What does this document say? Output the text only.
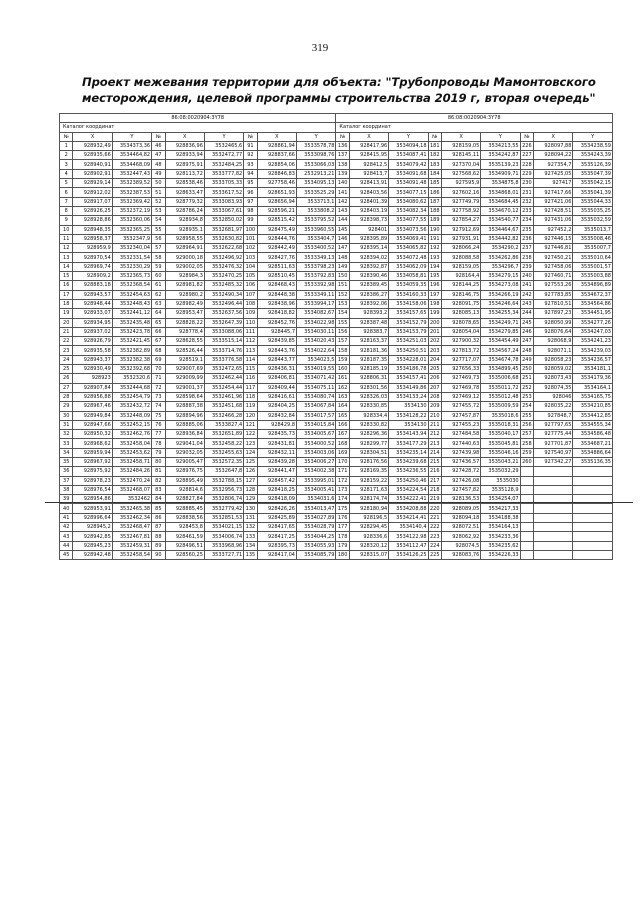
319
Проект межевания территории для объекта: "Трубопроводы Мамонтовского
месторождения, целевой программы строительства 2019 г, вторая очередь"
86:08:0020904:3Y78									86:08:0020904:3Y78								
Каталог координат									Каталог координат								
№	X	Y	№	X	Y	№	X	Y	№	X	Y	№	X	Y	№	X	Y
1	928932,49	3534373,36	46	928836,96	3532465,6	91	928861,94	3533578,78	136	928417,96	3534094,18	181	928159,05	3534213,55	226	928097,88	3534238,59
2	928935,66	3534464,82	47	928933,94	3532472,77	92	928837,66	3533098,76	137	928415,95	3534087,41	182	928145,11	3534242,87	227	928094,22	3534243,39
3	928940,91	3534468,09	48	928975,91	3532484,25	93	928854,06	3533066,03	138	928412,5	3534079,42	183	927370,04	3535139,23	228	927354,7	3535126,39
4	928902,91	3532447,43	49	928113,72	3533777,82	94	928846,83	2532913,21	139	928413,7	3534091,68	184	927568,62	3534909,71	229	927425,05	3535047,39
5	928929,14	3532389,52	50	928538,46	3533705,33	95	927758,46	3534095,13	140	928413,91	3534091,48	185	927595,9	3534875,8	230	927417	3535042,15
6	928912,02	3532387,53	51	928633,47	3533617,52	96	928651,93	3533525,29	141	928403,56	3534077,15	186	927602,16	3534868,01	231	927417,66	3535041,39
7	928917,07	3532369,42	52	928779,32	3533083,93	97	928656,94	3533713,1	142	928401,39	3534080,62	187	927749,79	3534684,45	232	927421,06	3535044,33
8	928926,25	3532372,19	53	928786,24	3533067,61	98	928596,21	3533808,2	143	928403,19	3534082,34	188	927758,92	3534670,12	233	927428,51	3535035,25
9	928928,86	3532360,06	54	928934,8	3532850,02	99	928515,42	3533795,52	144	928398,73	3534077,55	189	927854,27	3534540,77	234	927431,06	3535032,59
10	928948,35	3532365,25	55	928935,1	3532681,97	100	928475,49	3533960,55	145	928401	3534073,56	190	927912,69	3534464,67	235	927452,2	3535013,7
11	928958,37	3532347,9	56	928958,55	3532630,82	101	928444,76	3533404,7	146	928395,89	3534069,41	191	927931,91	3534442,82	236	927446,15	3535008,46
12	928959,9	3532340,04	57	928964,91	3532622,68	102	928442,49	3533400,52	147	928395,14	3534065,82	192	928066,24	3534290,2	237	927446,81	3535007,7
13	928970,54	3532331,54	58	929000,18	3532496,92	103	928427,76	3533349,13	148	928394,02	3534072,48	193	928088,58	3534262,86	238	927450,21	3535010,64
14	928969,74	3532330,29	59	929002,05	3532476,32	104	928511,63	3533798,23	149	928392,87	3534062,09	194	928159,05	3534296,7	239	927458,06	3535001,57
15	928909,2	3532365,73	60	928984,3	3532470,25	105	928510,45	3533792,83	150	928390,46	3534058,81	195	928164,4	3534279,15	240	927460,71	3535003,88
16	928883,18	3532368,54	61	928981,82	3532485,32	106	928468,43	3533392,98	151	928389,45	3534059,35	196	928144,25	3534273,08	241	927553,26	3534896,89
17	928943,57	3532454,63	62	928980,2	3532490,34	107	928448,38	3533349,11	152	928386,27	3534160,33	197	928146,75	3534266,19	242	927783,85	3534672,37
18	928948,44	3532448,43	63	928982,49	3532496,44	108	928438,96	3533994,17	153	928392,06	3534158,06	198	928091,75	3534246,64	243	927810,51	3534564,86
19	928933,07	3532441,12	64	928953,47	3532637,56	109	928418,82	3534082,67	154	928393,2	3534157,65	199	928085,13	3534255,34	244	927897,23	3534451,95
20	928934,95	3532435,48	65	928828,22	3532647,39	110	928452,76	3534022,98	155	928387,48	3534152,79	200	928078,65	3534249,71	245	928050,99	3534277,26
21	928937,02	3532423,78	66	928778,4	3533088,06	111	928445,7	3534030,11	156	928383,7	3534153,79	201	928054,04	3534279,85	246	928076,64	3534247,03
22	928926,79	3532421,45	67	928628,55	3533515,14	112	928439,85	3534020,43	157	928163,37	3534251,03	202	927900,32	3534454,49	247	928068,9	3534241,23
23	928935,58	3532382,89	68	928526,44	3533714,76	113	928443,76	3534022,64	158	928181,36	3534250,51	203	927813,72	3534567,24	248	928071,1	3534239,03
24	928943,37	3532382,38	69	928519,1	3533776,58	114	928443,77	3534023,5	159	928187,35	3534228,01	204	927717,07	3534674,78	249	928058,23	3534236,57
25	928930,49	3532392,68	70	929007,69	3532472,65	115	928436,31	3534019,55	160	928185,19	3534186,78	205	927656,33	3534899,45	250	928059,02	3534181,1
26	928923	3532320,6	71	929009,99	3532462,44	116	928406,81	3534071,42	161	928806,31	3534157,41	206	927469,73	3535006,68	251	928073,43	3534179,36
27	928907,84	3532444,68	72	929001,37	3532454,44	117	928409,44	3534075,11	162	928301,56	3534149,86	207	927469,78	3535011,72	252	928074,35	3534164,1
28	928956,88	3532454,79	73	928598,64	3532461,96	118	928416,61	3534080,74	163	928326,03	3534133,24	208	927469,12	3535012,48	253	928046	3534165,75
29	928967,46	3532432,72	74	928887,38	3532451,68	119	928404,25	3534067,84	164	928330,85	3534130	209	927455,72	3535009,59	254	928035,22	3534210,85
30	928949,84	3532448,09	75	928894,96	3532466,28	120	928432,84	3534017,57	165	928334,4	3534128,22	210	927457,87	3535018,6	255	927848,7	3534412,85
31	928947,66	3532452,15	76	928885,06	3533827,4	121	928429,8	3534015,84	166	928330,82	3534130	211	927455,23	3535018,31	256	927797,65	3534555,34
32	928950,32	3532462,76	77	928936,84	3532651,89	122	928435,73	3534005,67	167	928296,36	3534143,94	212	927484,58	3535040,17	257	927775,44	3534586,48
33	928968,62	3532458,04	78	929041,04	3532458,22	123	928431,81	3534000,52	168	928299,77	3534177,29	213	927440,63	3535045,81	258	927701,87	3534687,21
34	928959,94	3532453,62	79	929032,05	3532455,63	124	928432,11	3534003,06	169	928304,51	3534235,14	214	927439,98	3535046,16	259	927540,97	3534886,64
35	928967,92	3532458,71	80	929005,47	3532572,35	125	928439,28	3534006,27	170	928176,56	3534239,68	215	927436,57	3535043,21	260	927342,27	3535136,35
36	928975,92	3532484,26	81	928976,75	3532647,8	126	928441,47	3534002,38	171	928169,35	3534236,55	216	927428,72	3535032,29			
37	928978,23	3532470,24	82	928895,49	3532788,15	127	928457,42	3533995,01	172	928159,22	3534250,46	217	927426,08	3535030			
38	928976,54	3532468,07	83	928814,6	3532956,73	128	928418,25	3534005,41	173	928171,63	3534224,54	218	927457,82	3535128,9			
39	928954,86	3532462	84	928827,84	3532806,74	129	928418,09	3534031,6	174	928174,74	3534222,41	219	928136,53	3534254,07			
40	928953,91	3532465,38	85	928885,45	3532779,42	130	928426,26	3534013,47	175	928180,94	3534208,88	220	928089,05	3534217,33			
41	928996,64	3532462,34	86	928838,56	3532851,53	131	928425,89	3534027,89	176	928196,5	3534214,41	221	928094,18	3534188,38			
42	928945,2	3532468,47	87	928453,8	3534021,15	132	928417,65	3534028,79	177	928294,45	3534140,4	222	928072,51	3534164,13			
43	928942,85	3532467,81	88	928461,59	3534006,74	133	928417,25	3534044,25	178	928336,6	3534122,98	223	928062,92	3534233,36			
44	928945,23	3532459,31	89	928496,51	3533968,96	134	928395,73	3534055,93	179	928320,12	3534112,47	224	928074,5	3534235,62			
45	928942,48	3532458,54	90	928560,25	3533727,71	135	928417,04	3534085,79	180	928315,07	3534126,25	225	928083,76	3534226,33			
